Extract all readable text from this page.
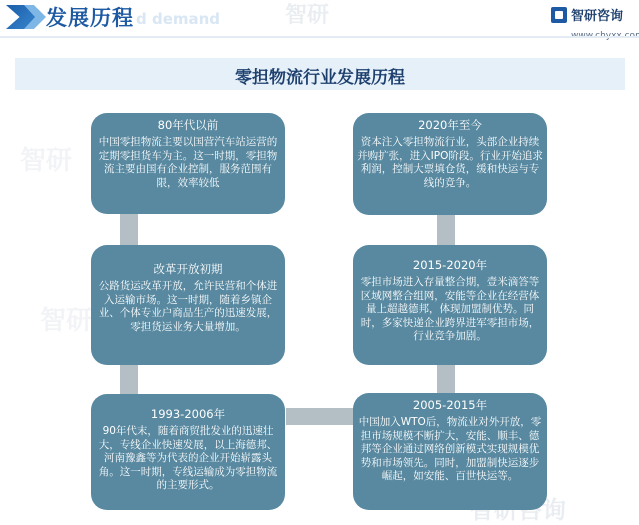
发展历程 d demand	智研咨询
智研
智研
智研
智研咨询
零担物流行业发展历程
80年代以前
中国零担物流主要以国营汽车站运营的定期零担货车为主。这一时期，零担物流主要由国有企业控制，服务范围有限，效率较低
改革开放初期
公路货运改革开放，允许民营和个体进入运输市场。这一时期，随着乡镇企业、个体专业户商品生产的迅速发展，零担货运业务大量增加。
1993-2006年
90年代末，随着商贸批发业的迅速壮大，专线企业快速发展，以上海德邦、河南豫鑫等为代表的企业开始崭露头角。这一时期，专线运输成为零担物流的主要形式。
2005-2015年
中国加入WTO后，物流业对外开放，零担市场规模不断扩大，安能、顺丰、德邦等企业通过网络创新模式实现规模优势和市场领先。同时，加盟制快运逐步崛起，如安能、百世快运等。
2015-2020年
零担市场进入存量整合期，壹米滴答等区域网整合组网，安能等企业在经营体量上超越德邦，体现加盟制优势。同时，多家快递企业跨界进军零担市场，行业竞争加剧。
2020年至今
资本注入零担物流行业，头部企业持续并购扩张，进入IPO阶段。行业开始追求利润，控制大票填仓货，缓和快运与专线的竞争。
